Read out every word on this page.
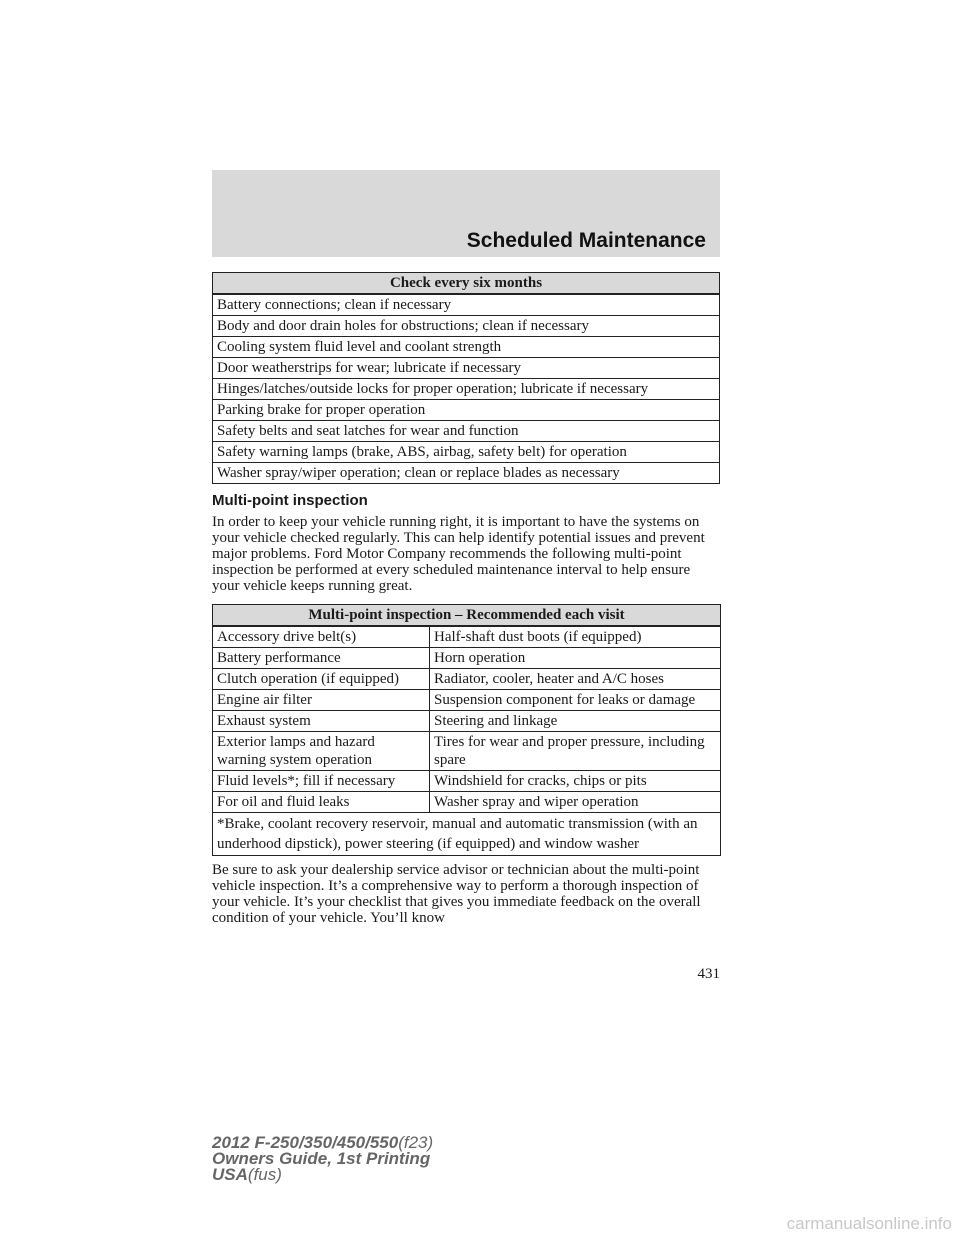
Scheduled Maintenance
Check every six months
Battery connections; clean if necessary
Body and door drain holes for obstructions; clean if necessary
Cooling system fluid level and coolant strength
Door weatherstrips for wear; lubricate if necessary
Hinges/latches/outside locks for proper operation; lubricate if necessary
Parking brake for proper operation
Safety belts and seat latches for wear and function
Safety warning lamps (brake, ABS, airbag, safety belt) for operation
Washer spray/wiper operation; clean or replace blades as necessary
Multi-point inspection

In order to keep your vehicle running right, it is important to have the systems on your vehicle checked regularly. This can help identify potential issues and prevent major problems. Ford Motor Company recommends the following multi-point inspection be performed at every scheduled maintenance interval to help ensure your vehicle keeps running great.

Multi-point inspection – Recommended each visit	
Accessory drive belt(s)	Half-shaft dust boots (if equipped)
Battery performance	Horn operation
Clutch operation (if equipped)	Radiator, cooler, heater and A/C hoses
Engine air filter	Suspension component for leaks or damage
Exhaust system	Steering and linkage
Exterior lamps and hazard warning system operation	Tires for wear and proper pressure, including spare
Fluid levels*; fill if necessary	Windshield for cracks, chips or pits
For oil and fluid leaks	Washer spray and wiper operation
*Brake, coolant recovery reservoir, manual and automatic transmission (with an underhood dipstick), power steering (if equipped) and window washer	

Be sure to ask your dealership service advisor or technician about the multi-point vehicle inspection. It’s a comprehensive way to perform a thorough inspection of your vehicle. It’s your checklist that gives you immediate feedback on the overall condition of your vehicle. You’ll know

431
2012 F-250/350/450/550(f23)
Owners Guide, 1st Printing
USA(fus)
carmanualsonline.info
